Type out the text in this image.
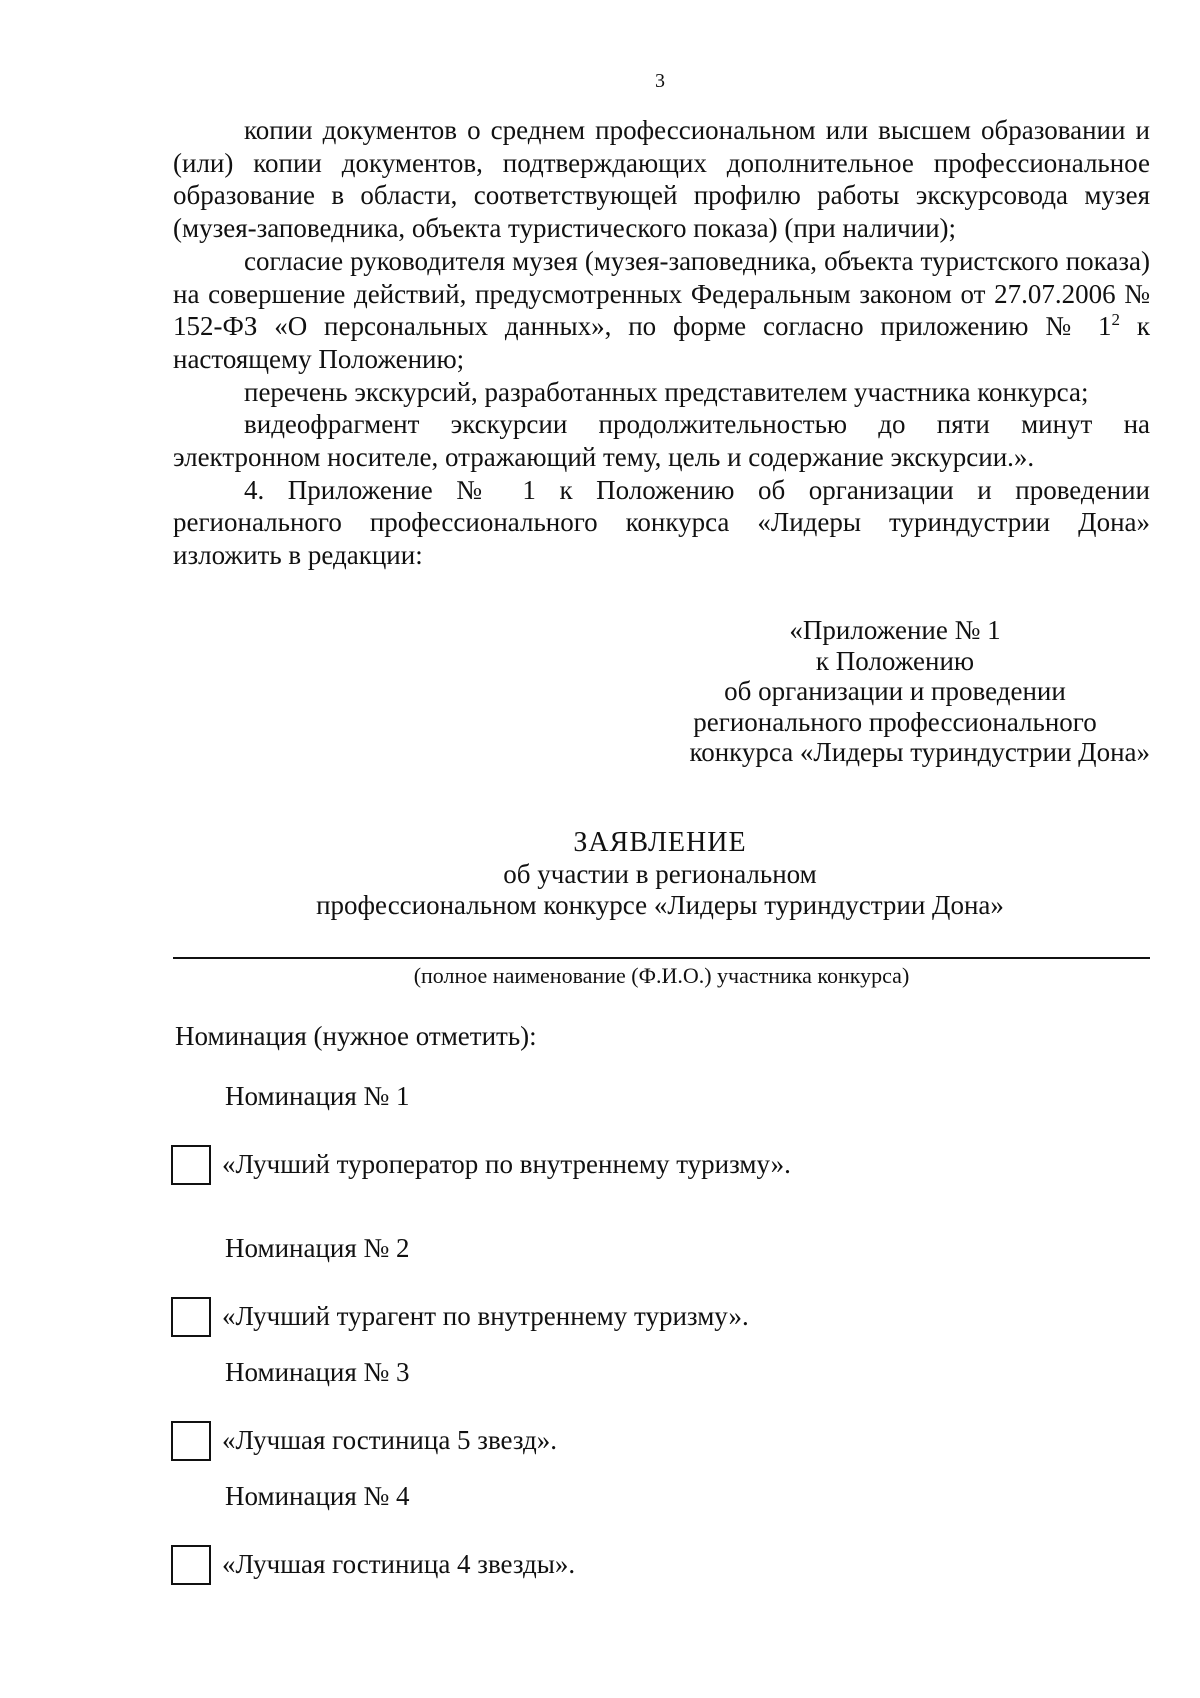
3

копии документов о среднем профессиональном или высшем образовании и (или) копии документов, подтверждающих дополнительное профессиональное образование в области, соответствующей профилю работы экскурсовода музея (музея-заповедника, объекта туристического показа) (при наличии);

согласие руководителя музея (музея-заповедника, объекта туристского показа) на совершение действий, предусмотренных Федеральным законом от 27.07.2006 № 152-ФЗ «О персональных данных», по форме согласно приложению № $1^2$ к настоящему Положению;

перечень экскурсий, разработанных представителем участника конкурса;

видеофрагмент экскурсии продолжительностью до пяти минут на электронном носителе, отражающий тему, цель и содержание экскурсии.».

4. Приложение № 1 к Положению об организации и проведении регионального профессионального конкурса «Лидеры туриндустрии Дона» изложить в редакции:

«Приложение № 1
к Положению
об организации и проведении
регионального профессионального
конкурса «Лидеры туриндустрии Дона»
ЗАЯВЛЕНИЕ
об участии в региональном
профессиональном конкурсе «Лидеры туриндустрии Дона»
(полное наименование (Ф.И.О.) участника конкурса)
Номинация (нужное отметить):
Номинация № 1
«Лучший туроператор по внутреннему туризму».
Номинация № 2
«Лучший турагент по внутреннему туризму».
Номинация № 3
«Лучшая гостиница 5 звезд».
Номинация № 4
«Лучшая гостиница 4 звезды».
